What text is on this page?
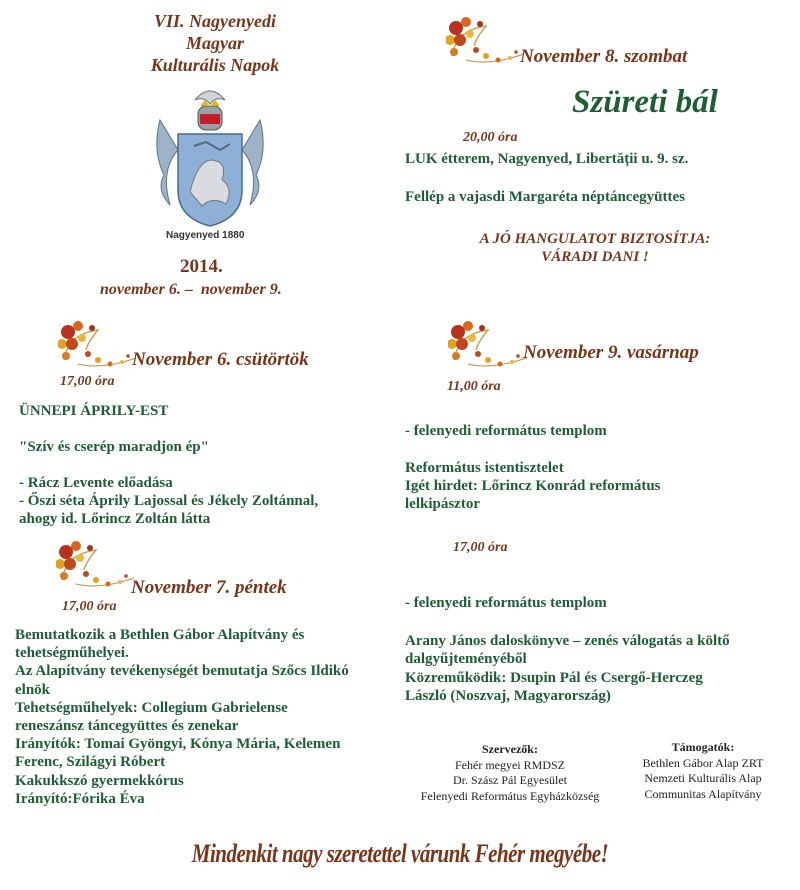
VII. Nagyenyedi
Magyar
Kulturális Napok
Nagyenyed 1880
2014.
november 6. –  november 9.
November 8. szombat
Szüreti bál
20,00 óra
LUK étterem, Nagyenyed, Libertății u. 9. sz.
Fellép a vajasdi Margaréta néptáncegyüttes
A JÓ HANGULATOT BIZTOSÍTJA:
VÁRADI DANI !
November 6. csütörtök
17,00 óra
ÜNNEPI ÁPRILY-EST
"Szív és cserép maradjon ép"
- Rácz Levente előadása
- Őszi séta Áprily Lajossal és Jékely Zoltánnal,
ahogy id. Lőrincz Zoltán látta
November 7. péntek
17,00 óra
Bemutatkozik a Bethlen Gábor Alapítvány és
tehetségműhelyei.
Az Alapítvány tevékenységét bemutatja Szőcs Ildikó
elnök
Tehetségműhelyek: Collegium Gabrielense
reneszánsz táncegyüttes és zenekar
Irányítók: Tomai Gyöngyi, Kónya Mária, Kelemen
Ferenc, Szilágyi Róbert
Kakukkszó gyermekkórus
Irányító:Fórika Éva
November 9. vasárnap
11,00 óra
- felenyedi református templom
Református istentisztelet
Igét hirdet: Lőrincz Konrád református
lelkipásztor
17,00 óra
- felenyedi református templom
Arany János daloskönyve – zenés válogatás a költő
dalgyűjteményéből
Közreműködik: Dsupin Pál és Csergő-Herczeg
László (Noszvaj, Magyarország)
Szervezők:
Fehér megyei RMDSZ
Dr. Szász Pál Egyesület
Felenyedi Református Egyházközség
Támogatók:
Bethlen Gábor Alap ZRT
Nemzeti Kulturális Alap
Communitas Alapítvány
Mindenkit nagy szeretettel várunk Fehér megyébe!
